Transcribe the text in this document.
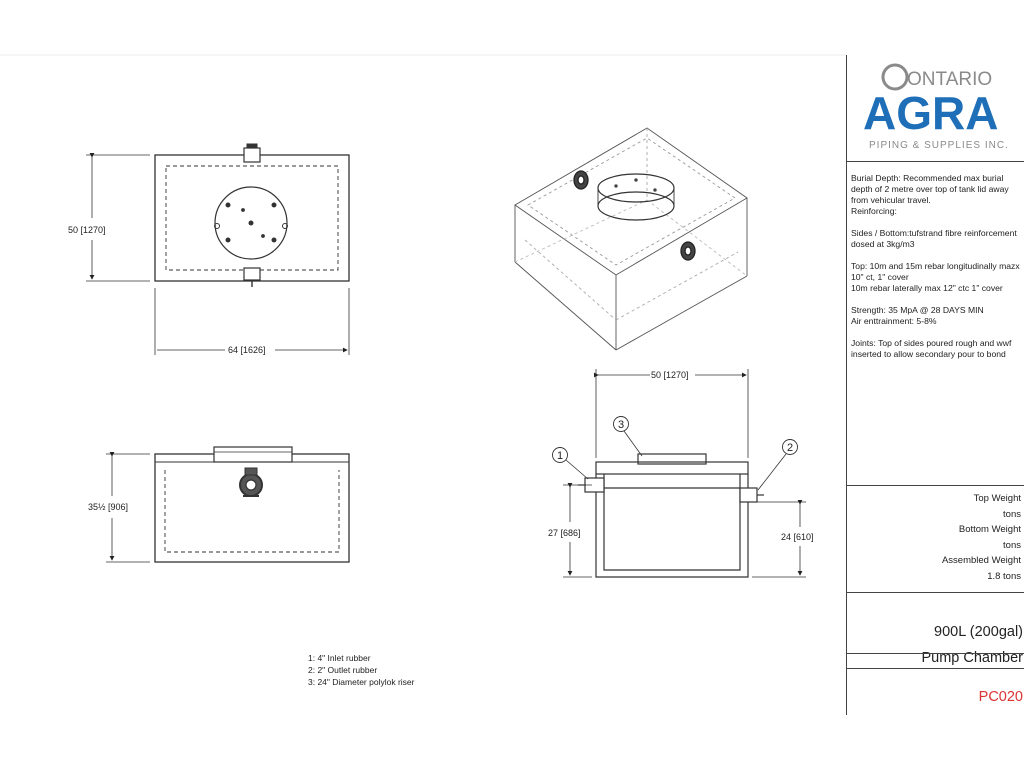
50 [1270]
64 [1626]
35½ [906]
50 [1270]
27 [686]	24 [610]
1
3
2
1: 4" Inlet rubber
2: 2" Outlet rubber
3: 24" Diameter polylok riser
ONTARIO
AGRA
PIPING & SUPPLIES INC.

Burial Depth: Recommended max burial depth of 2 metre over top of tank lid away from vehicular travel.
Reinforcing:

Sides / Bottom:tufstrand fibre reinforcement dosed at 3kg/m3

Top: 10m and 15m rebar longitudinally mazx 10" ct, 1" cover
10m rebar laterally max 12" ctc 1" cover

Strength: 35 MpA @ 28 DAYS MIN
Air enttrainment: 5-8%

Joints: Top of sides poured rough and wwf inserted to allow secondary pour to bond

Top Weight
tons
Bottom Weight
tons
Assembled Weight
1.8 tons
900L (200gal)
Pump Chamber
PC020
